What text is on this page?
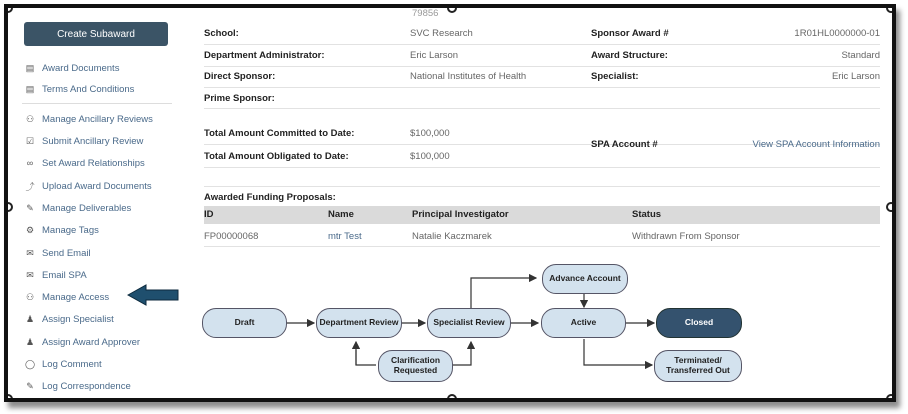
Create Subaward
▤ Award Documents
▤ Terms And Conditions
⚇ Manage Ancillary Reviews
☑ Submit Ancillary Review
∞ Set Award Relationships
⤴ Upload Award Documents
✎ Manage Deliverables
⚙ Manage Tags
✉ Send Email
✉ Email SPA
⚇ Manage Access
♟ Assign Specialist
♟ Assign Award Approver
◯ Log Comment
✎ Log Correspondence
79856
School:	SVC Research
Department Administrator:	Eric Larson
Direct Sponsor:	National Institutes of Health
Prime Sponsor:
Sponsor Award #	1R01HL0000000-01
Award Structure:	Standard
Specialist:	Eric Larson
Total Amount Committed to Date:	$100,000
Total Amount Obligated to Date:	$100,000
SPA Account #	View SPA Account Information
Awarded Funding Proposals:
ID	Name	Principal Investigator	Status
FP00000068	mtr Test	Natalie Kaczmarek	Withdrawn From Sponsor
Draft	Department Review	Specialist Review	Active	Closed
Advance Account
Clarification
Requested
Terminated/
Transferred Out
